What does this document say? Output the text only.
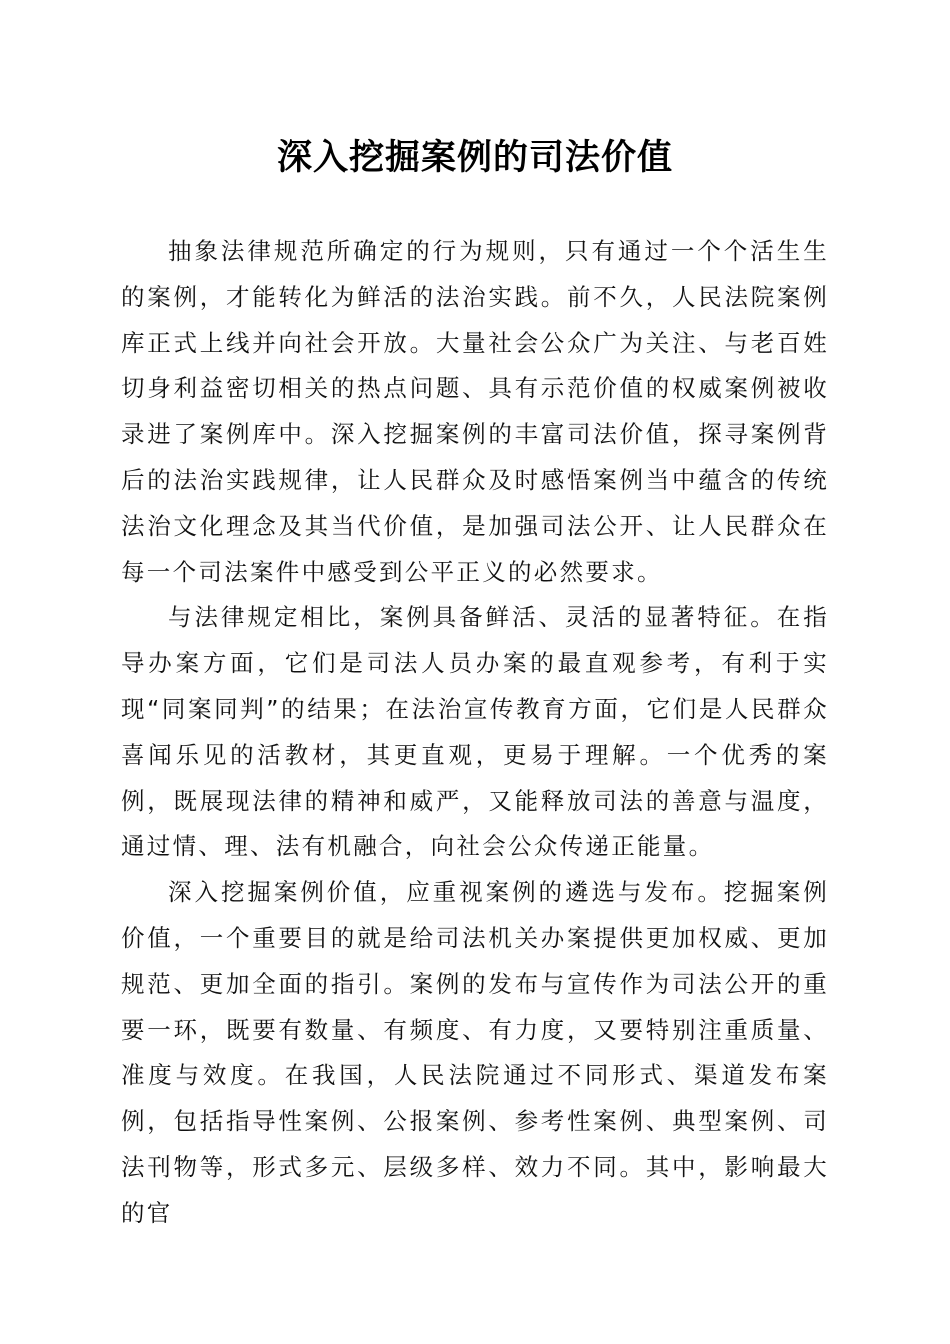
深入挖掘案例的司法价值

抽象法律规范所确定的行为规则，只有通过一个个活生生的案例，才能转化为鲜活的法治实践。前不久，人民法院案例库正式上线并向社会开放。大量社会公众广为关注、与老百姓切身利益密切相关的热点问题、具有示范价值的权威案例被收录进了案例库中。深入挖掘案例的丰富司法价值，探寻案例背后的法治实践规律，让人民群众及时感悟案例当中蕴含的传统法治文化理念及其当代价值，是加强司法公开、让人民群众在每一个司法案件中感受到公平正义的必然要求。

与法律规定相比，案例具备鲜活、灵活的显著特征。在指导办案方面，它们是司法人员办案的最直观参考，有利于实现“同案同判”的结果；在法治宣传教育方面，它们是人民群众喜闻乐见的活教材，其更直观，更易于理解。一个优秀的案例，既展现法律的精神和威严，又能释放司法的善意与温度，通过情、理、法有机融合，向社会公众传递正能量。

深入挖掘案例价值，应重视案例的遴选与发布。挖掘案例价值，一个重要目的就是给司法机关办案提供更加权威、更加规范、更加全面的指引。案例的发布与宣传作为司法公开的重要一环，既要有数量、有频度、有力度，又要特别注重质量、准度与效度。在我国，人民法院通过不同形式、渠道发布案例，包括指导性案例、公报案例、参考性案例、典型案例、司法刊物等，形式多元、层级多样、效力不同。其中，影响最大的官
